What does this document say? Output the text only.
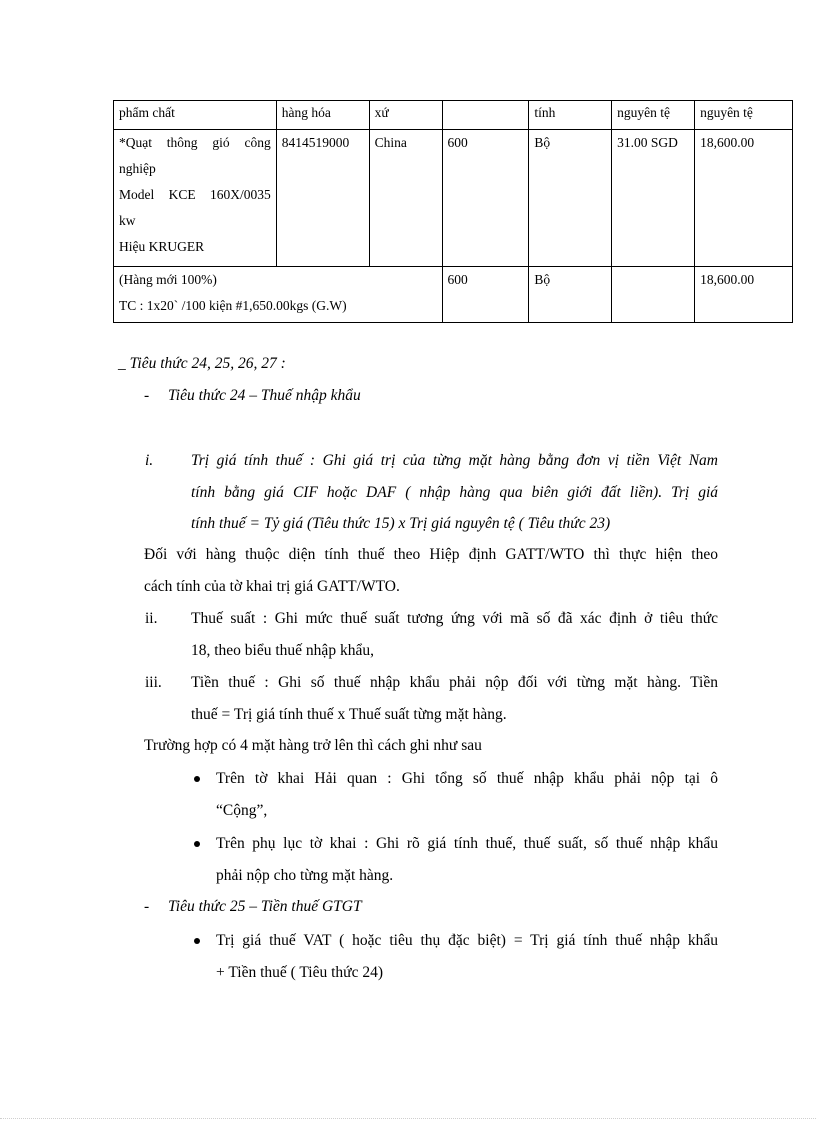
phẩm chất	hàng hóa	xứ		tính	nguyên tệ	nguyên tệ

*Quạt thông gió công
nghiệp
Model KCE 160X/0035
kw
Hiệu KRUGER	8414519000	China	600	Bộ	31.00 SGD	18,600.00

(Hàng mới 100%)
TC : 1x20` /100 kiện #1,650.00kgs (G.W)			600	Bộ		18,600.00
_ Tiêu thức 24, 25, 26, 27 :
- Tiêu thức 24 – Thuế nhập khẩu
i. Trị giá tính thuế : Ghi giá trị của từng mặt hàng bằng đơn vị tiền Việt Nam
tính bằng giá CIF hoặc DAF ( nhập hàng qua biên giới đất liền). Trị giá
tính thuế = Tỷ giá (Tiêu thức 15) x Trị giá nguyên tệ ( Tiêu thức 23)
Đối với hàng thuộc diện tính thuế theo Hiệp định GATT/WTO thì thực hiện theo
cách tính của tờ khai trị giá GATT/WTO.
ii. Thuế suất : Ghi mức thuế suất tương ứng với mã số đã xác định ở tiêu thức
18, theo biểu thuế nhập khẩu,
iii. Tiền thuế : Ghi số thuế nhập khẩu phải nộp đối với từng mặt hàng. Tiền
thuế = Trị giá tính thuế x Thuế suất từng mặt hàng.
Trường hợp có 4 mặt hàng trở lên thì cách ghi như sau
Trên tờ khai Hải quan : Ghi tổng số thuế nhập khẩu phải nộp tại ô
“Cộng”,
Trên phụ lục tờ khai : Ghi rõ giá tính thuế, thuế suất, số thuế nhập khẩu
phải nộp cho từng mặt hàng.
- Tiêu thức 25 – Tiền thuế GTGT
Trị giá thuế VAT ( hoặc tiêu thụ đặc biệt) = Trị giá tính thuế nhập khẩu
+ Tiền thuế ( Tiêu thức 24)
